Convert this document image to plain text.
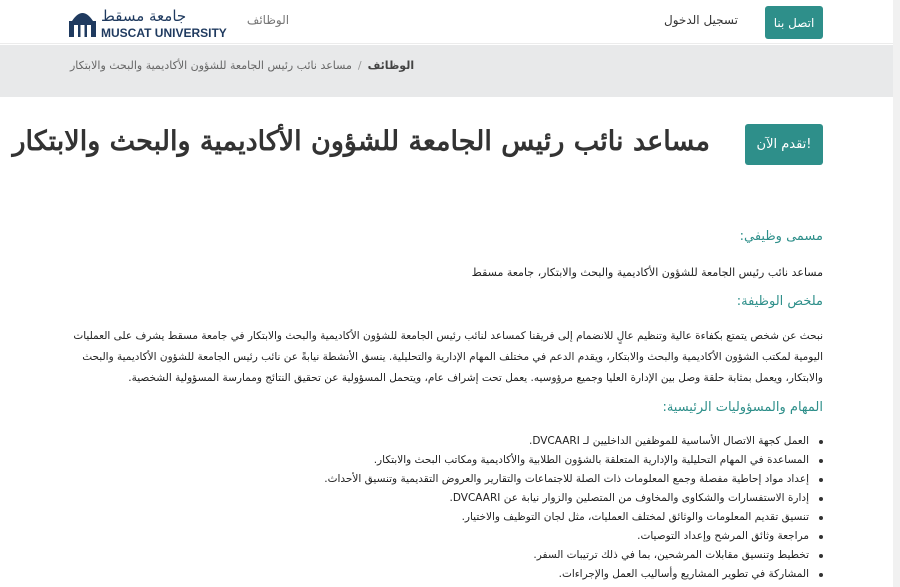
اتصل بنا
تسجيل الدخول
الوظائف
جامعة مسقط
MUSCAT UNIVERSITY
الوظائف/مساعد نائب رئيس الجامعة للشؤون الأكاديمية والبحث والابتكار
!تقدم الآن
مساعد نائب رئيس الجامعة للشؤون الأكاديمية والبحث والابتكار
مسمى وظيفي:
مساعد نائب رئيس الجامعة للشؤون الأكاديمية والبحث والابتكار، جامعة مسقط
ملخص الوظيفة:

نبحث عن شخص يتمتع بكفاءة عالية وتنظيم عالٍ للانضمام إلى فريقنا كمساعد لنائب رئيس الجامعة للشؤون الأكاديمية والبحث والابتكار في جامعة مسقط يشرف على العمليات اليومية لمكتب الشؤون الأكاديمية والبحث والابتكار، ويقدم الدعم في مختلف المهام الإدارية والتحليلية. ينسق الأنشطة نيابةً عن نائب رئيس الجامعة للشؤون الأكاديمية والبحث والابتكار، ويعمل بمثابة حلقة وصل بين الإدارة العليا وجميع مرؤوسيه. يعمل تحت إشراف عام، ويتحمل المسؤولية عن تحقيق النتائج وممارسة المسؤولية الشخصية.

المهام والمسؤوليات الرئيسية:
العمل كجهة الاتصال الأساسية للموظفين الداخليين لـ DVCAARI.
المساعدة في المهام التحليلية والإدارية المتعلقة بالشؤون الطلابية والأكاديمية ومكاتب البحث والابتكار.
إعداد مواد إحاطية مفصلة وجمع المعلومات ذات الصلة للاجتماعات والتقارير والعروض التقديمية وتنسيق الأحداث.
إدارة الاستفسارات والشكاوى والمخاوف من المتصلين والزوار نيابة عن DVCAARI.
تنسيق تقديم المعلومات والوثائق لمختلف العمليات، مثل لجان التوظيف والاختيار.
مراجعة وثائق المرشح وإعداد التوصيات.
تخطيط وتنسيق مقابلات المرشحين، بما في ذلك ترتيبات السفر.
المشاركة في تطوير المشاريع وأساليب العمل والإجراءات.
